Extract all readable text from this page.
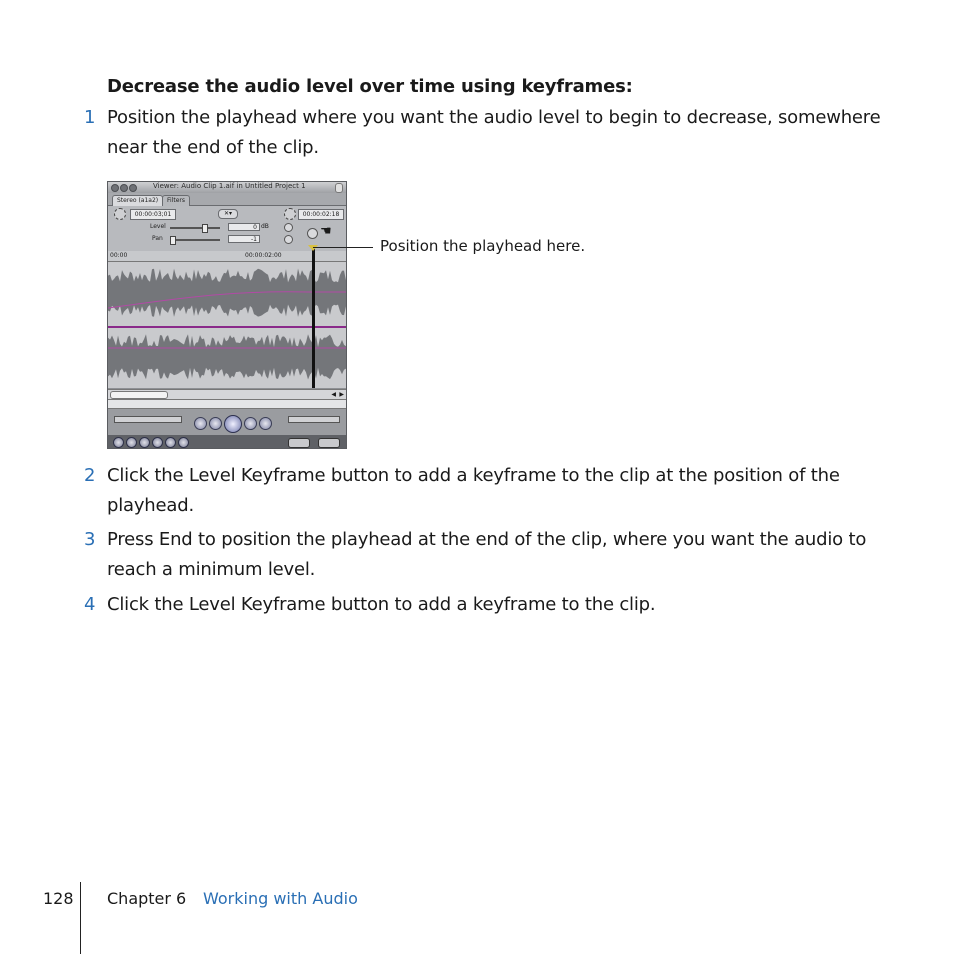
Decrease the audio level over time using keyframes:
1 Position the playhead where you want the audio level to begin to decrease, somewhere near the end of the clip.
Viewer: Audio Clip 1.aif in Untitled Project 1
Stereo (a1a2)	Filters
00:00:03;01	✕▾	00:00:02:18
Level	0 dB
Pan	-1
☚
00:00	00:00:02:00
◀ ▶
Position the playhead here.
2 Click the Level Keyframe button to add a keyframe to the clip at the position of the playhead.
3 Press End to position the playhead at the end of the clip, where you want the audio to reach a minimum level.
4 Click the Level Keyframe button to add a keyframe to the clip.
128 Chapter 6 Working with Audio
